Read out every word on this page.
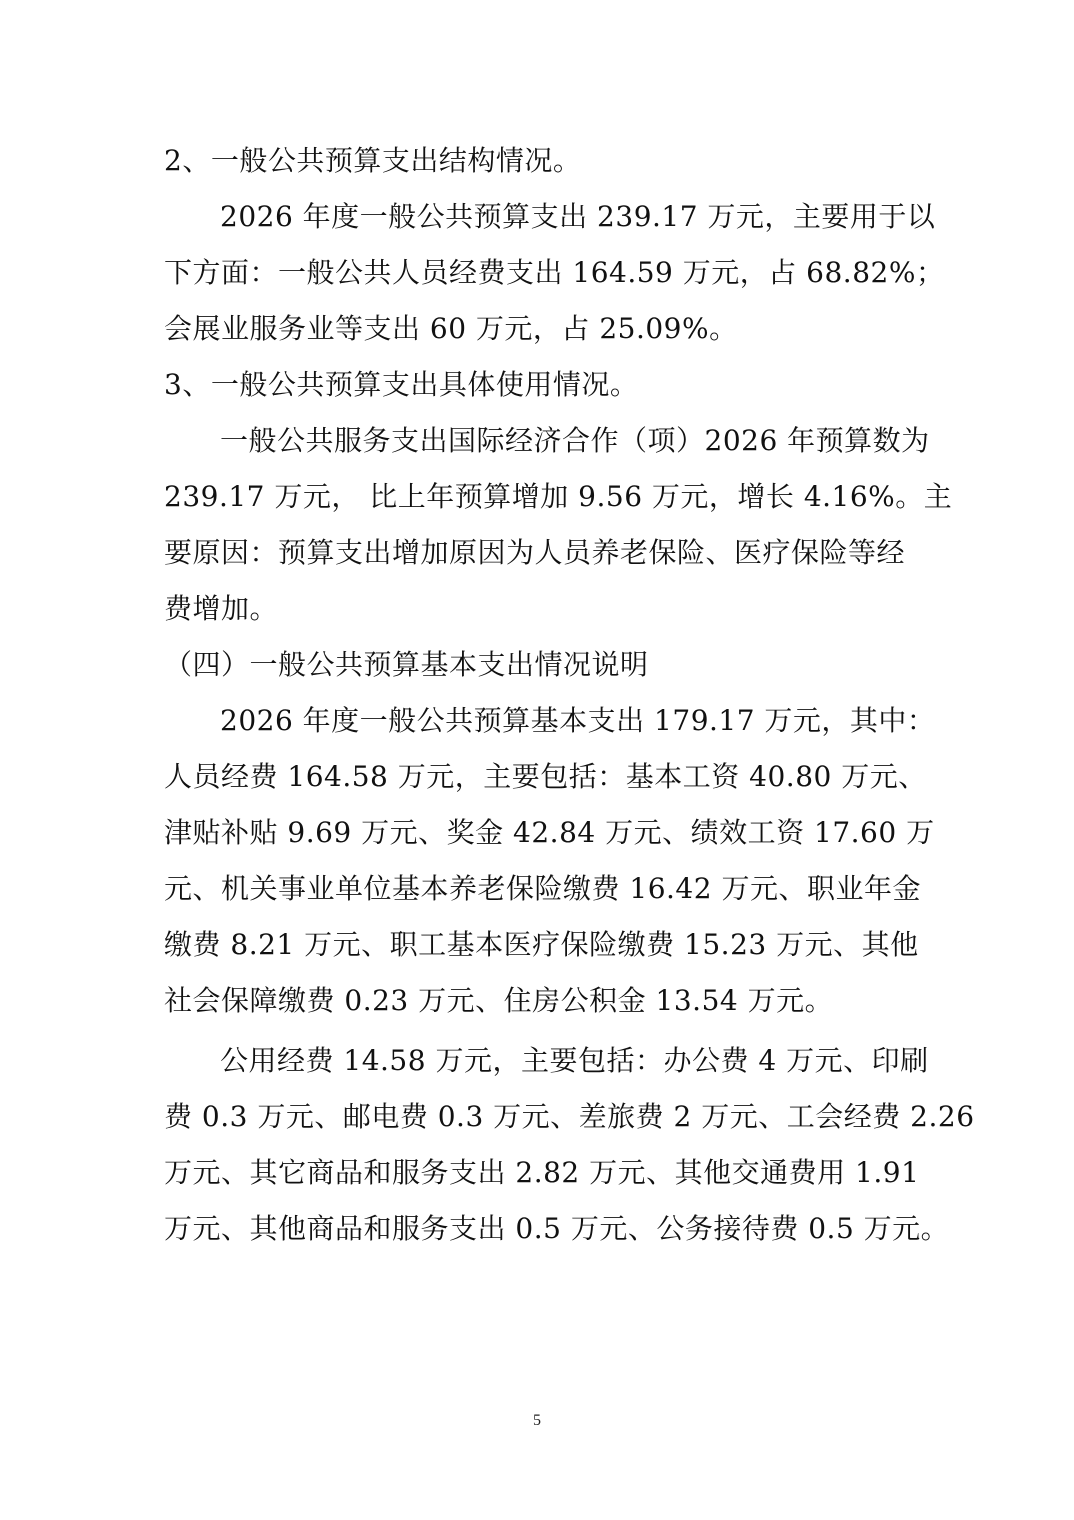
2、一般公共预算支出结构情况。

2026 年度一般公共预算支出 239.17 万元，主要用于以
下方面：一般公共人员经费支出 164.59 万元，占 68.82%；
会展业服务业等支出 60 万元，占 25.09%。

3、一般公共预算支出具体使用情况。

一般公共服务支出国际经济合作（项）2026 年预算数为
239.17 万元， 比上年预算增加 9.56 万元，增长 4.16%。主
要原因：预算支出增加原因为人员养老保险、医疗保险等经
费增加。

（四）一般公共预算基本支出情况说明

2026 年度一般公共预算基本支出 179.17 万元，其中：
人员经费 164.58 万元，主要包括：基本工资 40.80 万元、
津贴补贴 9.69 万元、奖金 42.84 万元、绩效工资 17.60 万
元、机关事业单位基本养老保险缴费 16.42 万元、职业年金
缴费 8.21 万元、职工基本医疗保险缴费 15.23 万元、其他
社会保障缴费 0.23 万元、住房公积金 13.54 万元。

公用经费 14.58 万元，主要包括：办公费 4 万元、印刷
费 0.3 万元、邮电费 0.3 万元、差旅费 2 万元、工会经费 2.26
万元、其它商品和服务支出 2.82 万元、其他交通费用 1.91
万元、其他商品和服务支出 0.5 万元、公务接待费 0.5 万元。

5
